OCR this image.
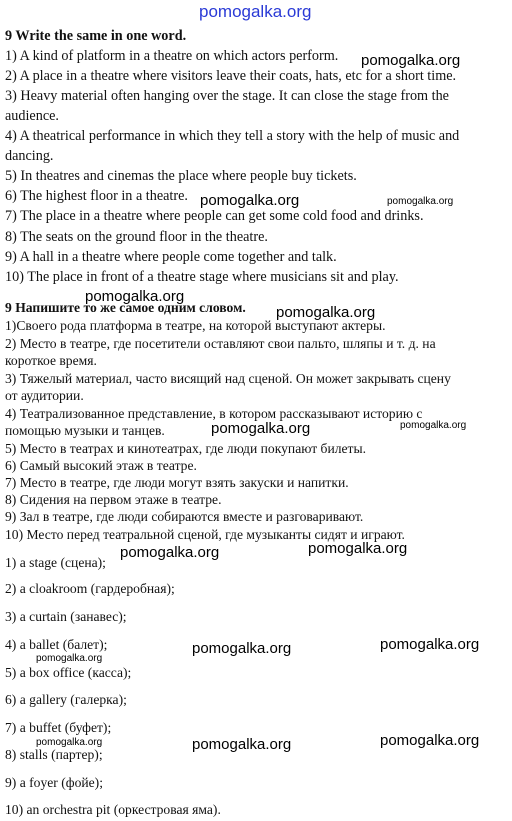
pomogalka.org
9 Write the same in one word.
1) A kind of platform in a theatre on which actors perform.
2) A place in a theatre where visitors leave their coats, hats, etc for a short time.
3) Heavy material often hanging over the stage. It can close the stage from the
audience.
4) A theatrical performance in which they tell a story with the help of music and
dancing.
5) In theatres and cinemas the place where people buy tickets.
6) The highest floor in a theatre.
7) The place in a theatre where people can get some cold food and drinks.
8) The seats on the ground floor in the theatre.
9) A hall in a theatre where people come together and talk.
10) The place in front of a theatre stage where musicians sit and play.
9 Напишите то же самое одним словом.
1)Своего рода платформа в театре, на которой выступают актеры.
2) Место в театре, где посетители оставляют свои пальто, шляпы и т. д. на
короткое время.
3) Тяжелый материал, часто висящий над сценой. Он может закрывать сцену
от аудитории.
4) Театрализованное представление, в котором рассказывают историю с
помощью музыки и танцев.
5) Место в театрах и кинотеатрах, где люди покупают билеты.
6) Самый высокий этаж в театре.
7) Место в театре, где люди могут взять закуски и напитки.
8) Сидения на первом этаже в театре.
9) Зал в театре, где люди собираются вместе и разговаривают.
10) Место перед театральной сценой, где музыканты сидят и играют.
1) a stage (сцена);
2) a cloakroom (гардеробная);
3) a curtain (занавес);
4) a ballet (балет);
5) a box office (касса);
6) a gallery (галерка);
7) a buffet (буфет);
8) stalls (партер);
9) a foyer (фойе);
10) an orchestra pit (оркестровая яма).
pomogalka.org
pomogalka.org	pomogalka.org
pomogalka.org
pomogalka.org
pomogalka.org	pomogalka.org
pomogalka.org
pomogalka.org
pomogalka.org
pomogalka.org
pomogalka.org
pomogalka.org	pomogalka.org
pomogalka.org
